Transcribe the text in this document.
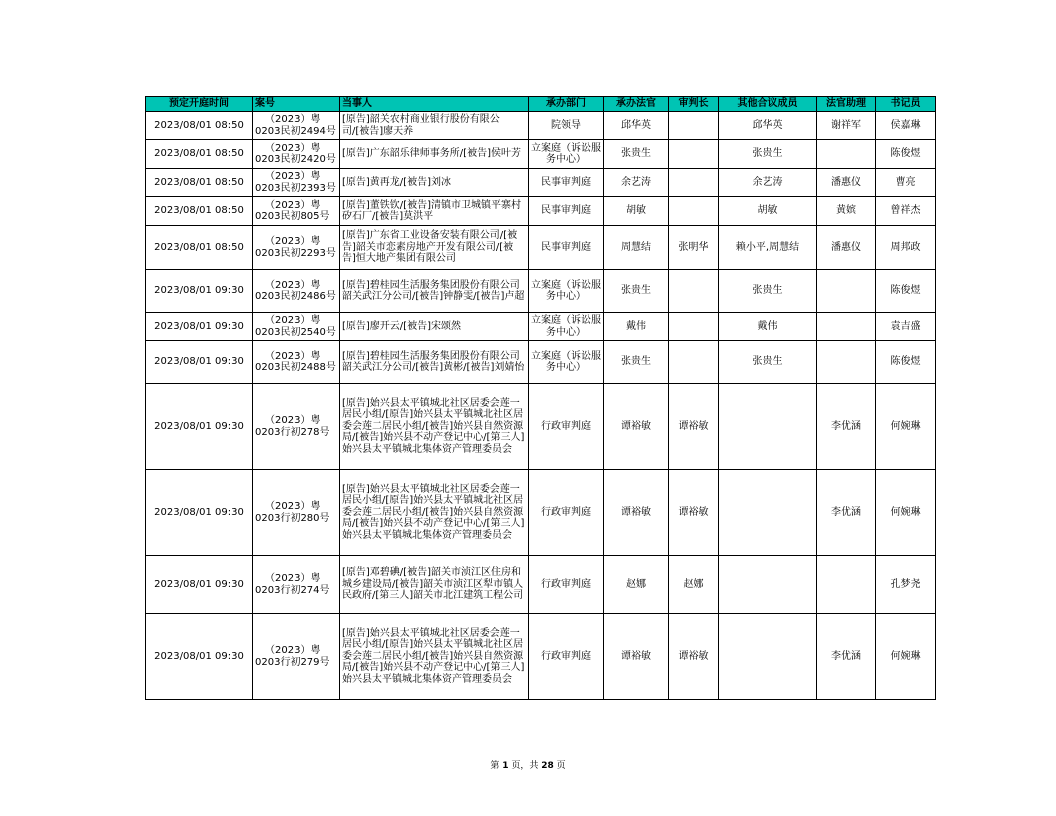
预定开庭时间	案号	当事人	承办部门	承办法官	审判长	其他合议成员	法官助理	书记员
2023/08/01 08:50	（2023）粤0203民初2494号	[原告]韶关农村商业银行股份有限公司/[被告]廖天养	院领导	邱华英		邱华英	谢祥军	侯嘉琳
2023/08/01 08:50	（2023）粤0203民初2420号	[原告]广东韶乐律师事务所/[被告]侯叶芳	立案庭（诉讼服务中心）	张贵生		张贵生		陈俊煜
2023/08/01 08:50	（2023）粤0203民初2393号	[原告]黄再龙/[被告]刘冰	民事审判庭	余艺涛		余艺涛	潘惠仪	曹亮
2023/08/01 08:50	（2023）粤0203民初805号	[原告]董铁钦/[被告]清镇市卫城镇平寨村矽石厂/[被告]莫洪平	民事审判庭	胡敏		胡敏	黄嫔	曾祥杰
2023/08/01 08:50	（2023）粤0203民初2293号	[原告]广东省工业设备安装有限公司/[被告]韶关市恋素房地产开发有限公司/[被告]恒大地产集团有限公司	民事审判庭	周慧结	张明华	赖小平,周慧结	潘惠仪	周邦政
2023/08/01 09:30	（2023）粤0203民初2486号	[原告]碧桂园生活服务集团股份有限公司韶关武江分公司/[被告]钟静雯/[被告]卢超	立案庭（诉讼服务中心）	张贵生		张贵生		陈俊煜
2023/08/01 09:30	（2023）粤0203民初2540号	[原告]廖开云/[被告]宋颂然	立案庭（诉讼服务中心）	戴伟		戴伟		袁吉盛
2023/08/01 09:30	（2023）粤0203民初2488号	[原告]碧桂园生活服务集团股份有限公司韶关武江分公司/[被告]黄彬/[被告]刘婧怡	立案庭（诉讼服务中心）	张贵生		张贵生		陈俊煜
2023/08/01 09:30	（2023）粤0203行初278号	[原告]始兴县太平镇城北社区居委会莲一居民小组/[原告]始兴县太平镇城北社区居委会莲二居民小组/[被告]始兴县自然资源局/[被告]始兴县不动产登记中心/[第三人]始兴县太平镇城北集体资产管理委员会	行政审判庭	谭裕敏	谭裕敏		李优涵	何婉琳
2023/08/01 09:30	（2023）粤0203行初280号	[原告]始兴县太平镇城北社区居委会莲一居民小组/[原告]始兴县太平镇城北社区居委会莲二居民小组/[被告]始兴县自然资源局/[被告]始兴县不动产登记中心/[第三人]始兴县太平镇城北集体资产管理委员会	行政审判庭	谭裕敏	谭裕敏		李优涵	何婉琳
2023/08/01 09:30	（2023）粤0203行初274号	[原告]邓碧碘/[被告]韶关市浈江区住房和城乡建设局/[被告]韶关市浈江区犁市镇人民政府/[第三人]韶关市北江建筑工程公司	行政审判庭	赵娜	赵娜			孔梦尧
2023/08/01 09:30	（2023）粤0203行初279号	[原告]始兴县太平镇城北社区居委会莲一居民小组/[原告]始兴县太平镇城北社区居委会莲二居民小组/[被告]始兴县自然资源局/[被告]始兴县不动产登记中心/[第三人]始兴县太平镇城北集体资产管理委员会	行政审判庭	谭裕敏	谭裕敏		李优涵	何婉琳
第 1 页，共 28 页
